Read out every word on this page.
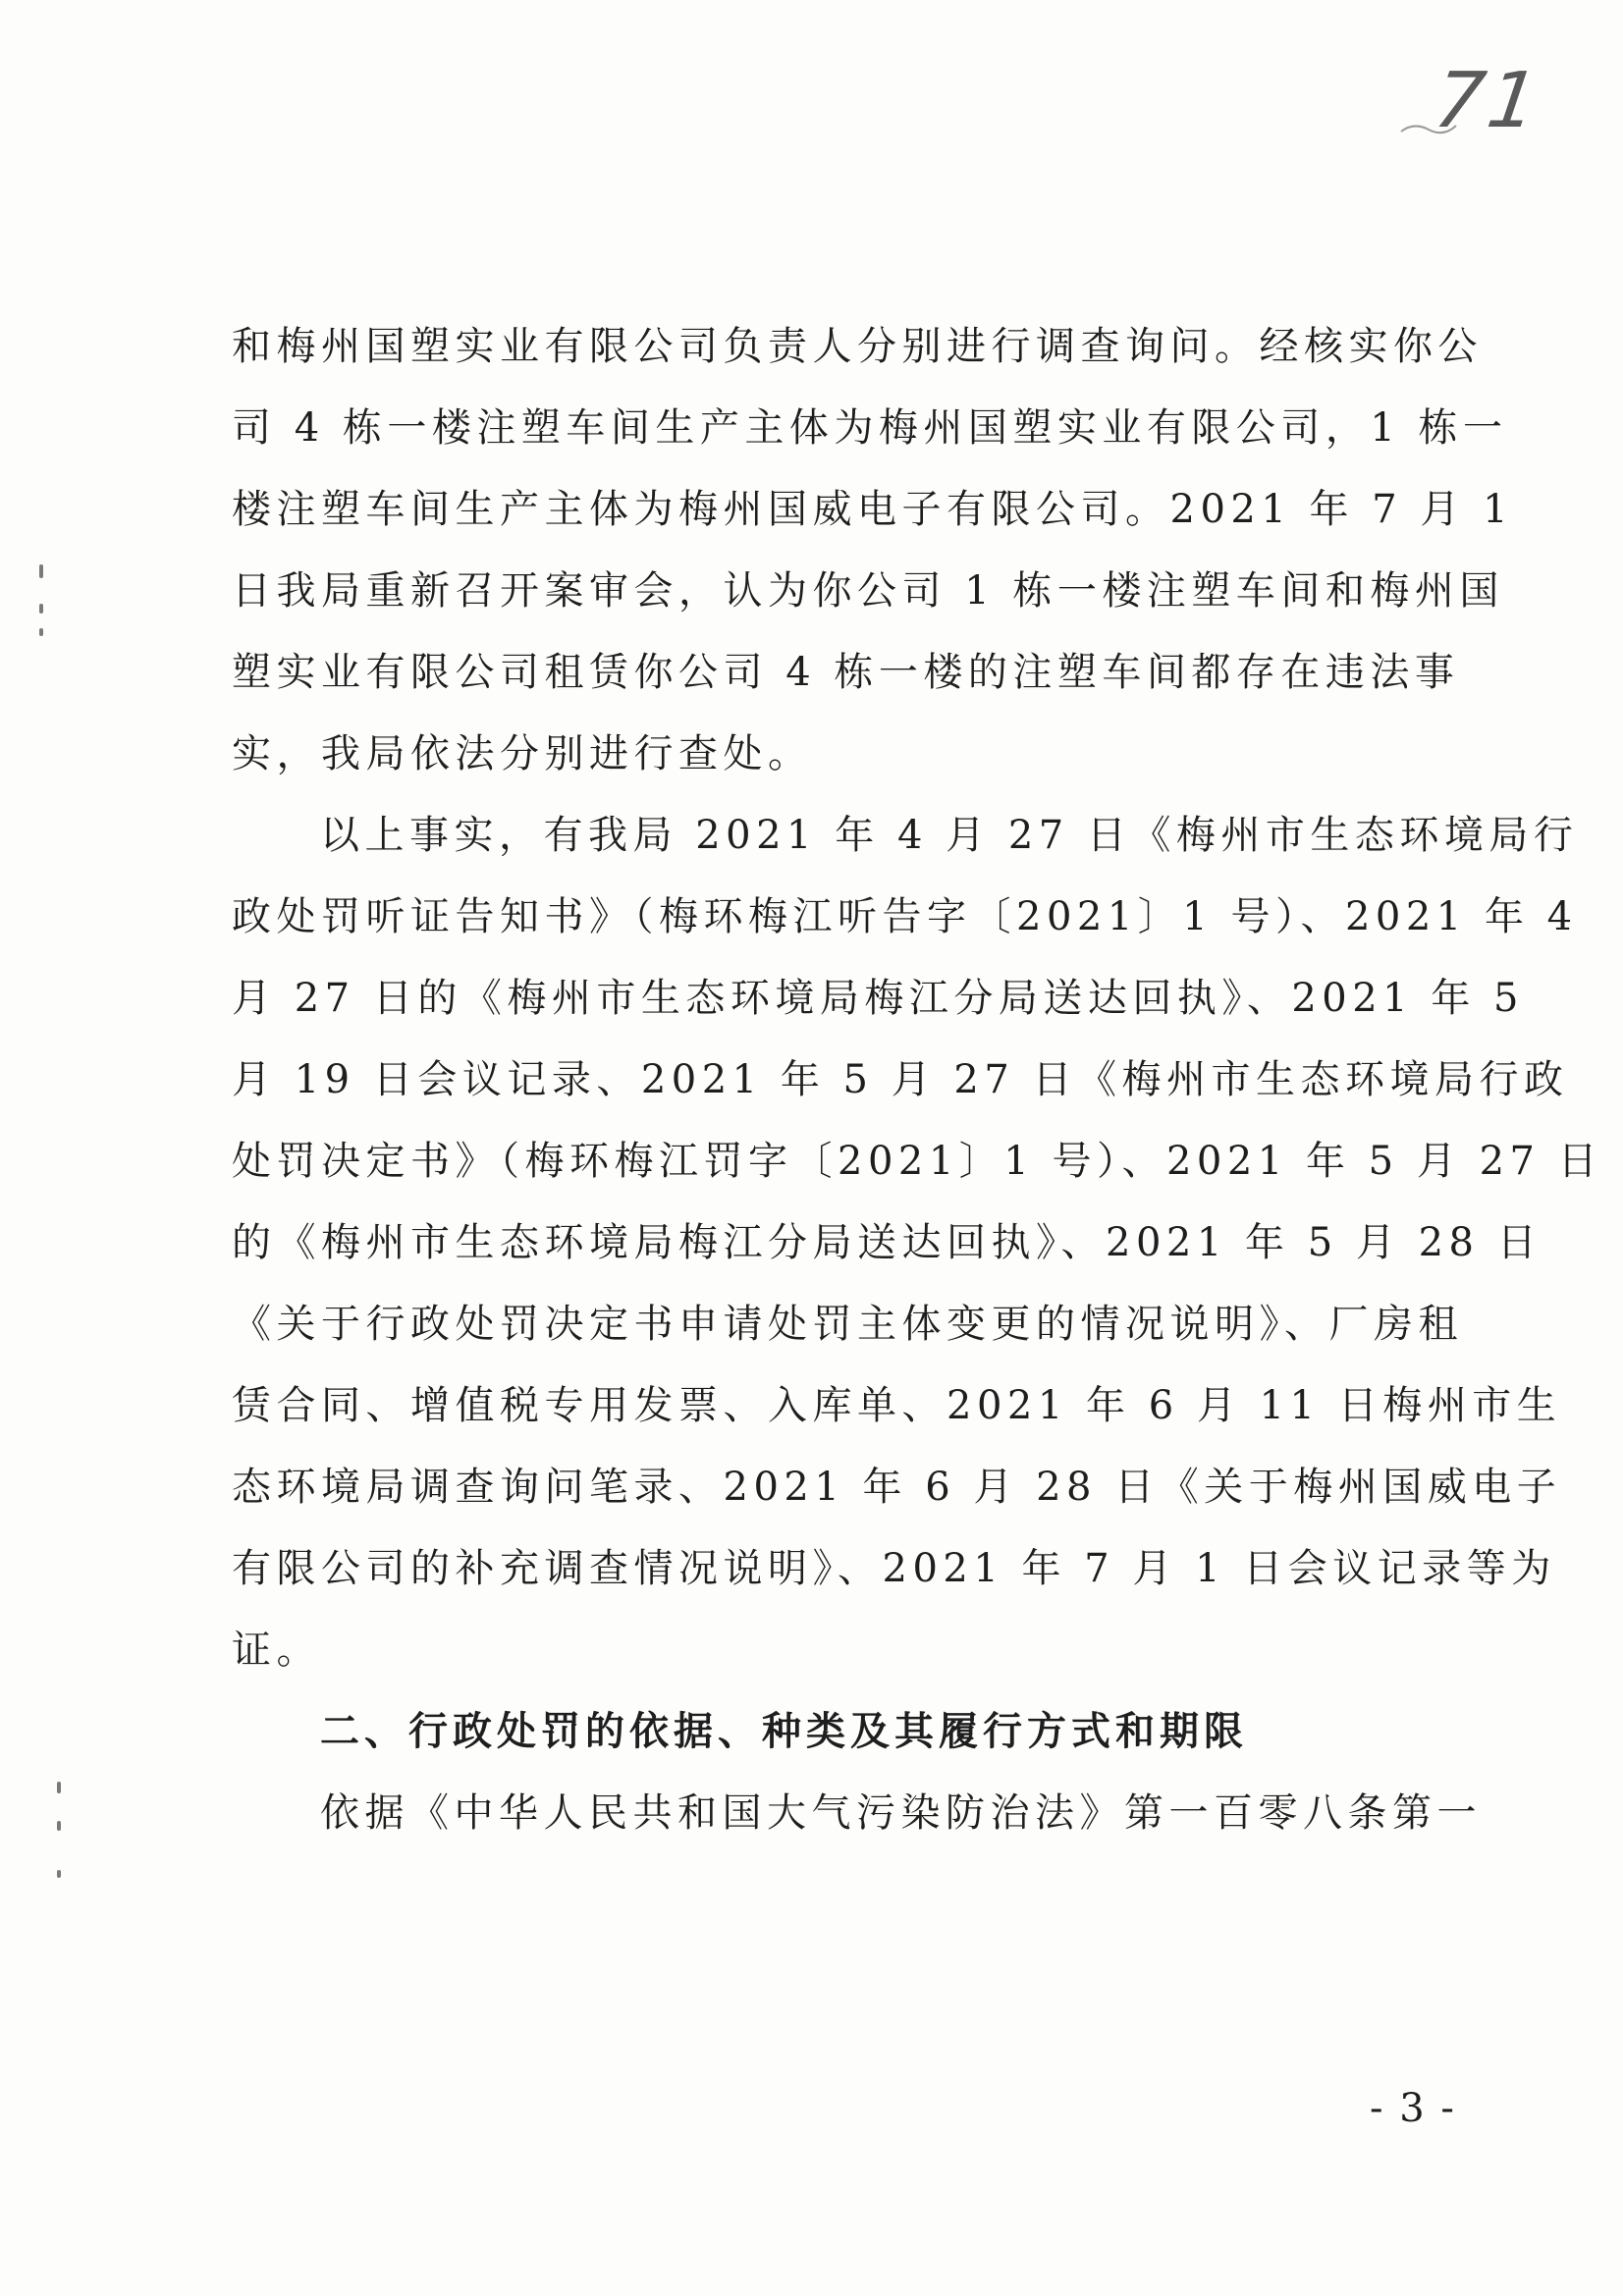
71
和梅州国塑实业有限公司负责人分别进行调查询问。经核实你公
司 4 栋一楼注塑车间生产主体为梅州国塑实业有限公司，1 栋一
楼注塑车间生产主体为梅州国威电子有限公司。2021 年 7 月 1
日我局重新召开案审会，认为你公司 1 栋一楼注塑车间和梅州国
塑实业有限公司租赁你公司 4 栋一楼的注塑车间都存在违法事
实，我局依法分别进行查处。
以上事实，有我局 2021 年 4 月 27 日《梅州市生态环境局行
政处罚听证告知书》（梅环梅江听告字〔2021〕1 号）、2021 年 4
月 27 日的《梅州市生态环境局梅江分局送达回执》、2021 年 5
月 19 日会议记录、2021 年 5 月 27 日《梅州市生态环境局行政
处罚决定书》（梅环梅江罚字〔2021〕1 号）、2021 年 5 月 27 日
的《梅州市生态环境局梅江分局送达回执》、2021 年 5 月 28 日
《关于行政处罚决定书申请处罚主体变更的情况说明》、厂房租
赁合同、增值税专用发票、入库单、2021 年 6 月 11 日梅州市生
态环境局调查询问笔录、2021 年 6 月 28 日《关于梅州国威电子
有限公司的补充调查情况说明》、2021 年 7 月 1 日会议记录等为
证。
二、行政处罚的依据、种类及其履行方式和期限
依据《中华人民共和国大气污染防治法》第一百零八条第一
- 3 -
